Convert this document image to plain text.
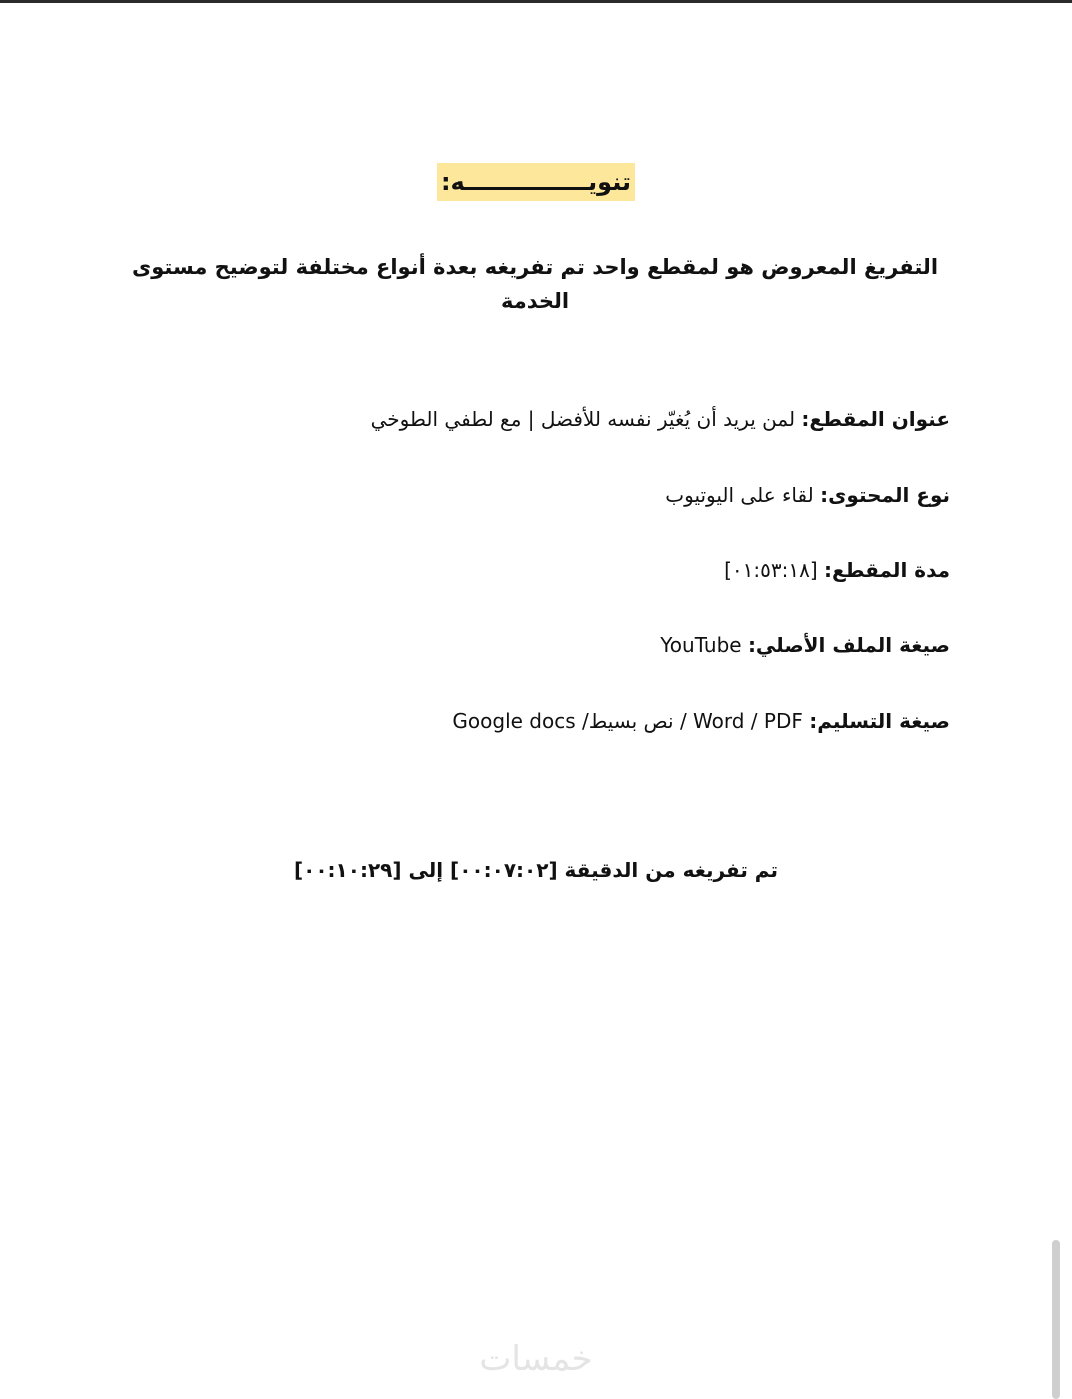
تنويـــــــــــــــه:
التفريغ المعروض هو لمقطع واحد تم تفريغه بعدة أنواع مختلفة لتوضيح مستوى الخدمة
عنوان المقطع: لمن يريد أن يُغيّر نفسه للأفضل | مع لطفي الطوخي
نوع المحتوى: لقاء على اليوتيوب
مدة المقطع: [٠١:٥٣:١٨]
صيغة الملف الأصلي: YouTube
صيغة التسليم: Word / PDF / نص بسيط/ Google docs
تم تفريغه من الدقيقة [٠٠:٠٧:٠٢] إلى [٠٠:١٠:٢٩]
خمسات
